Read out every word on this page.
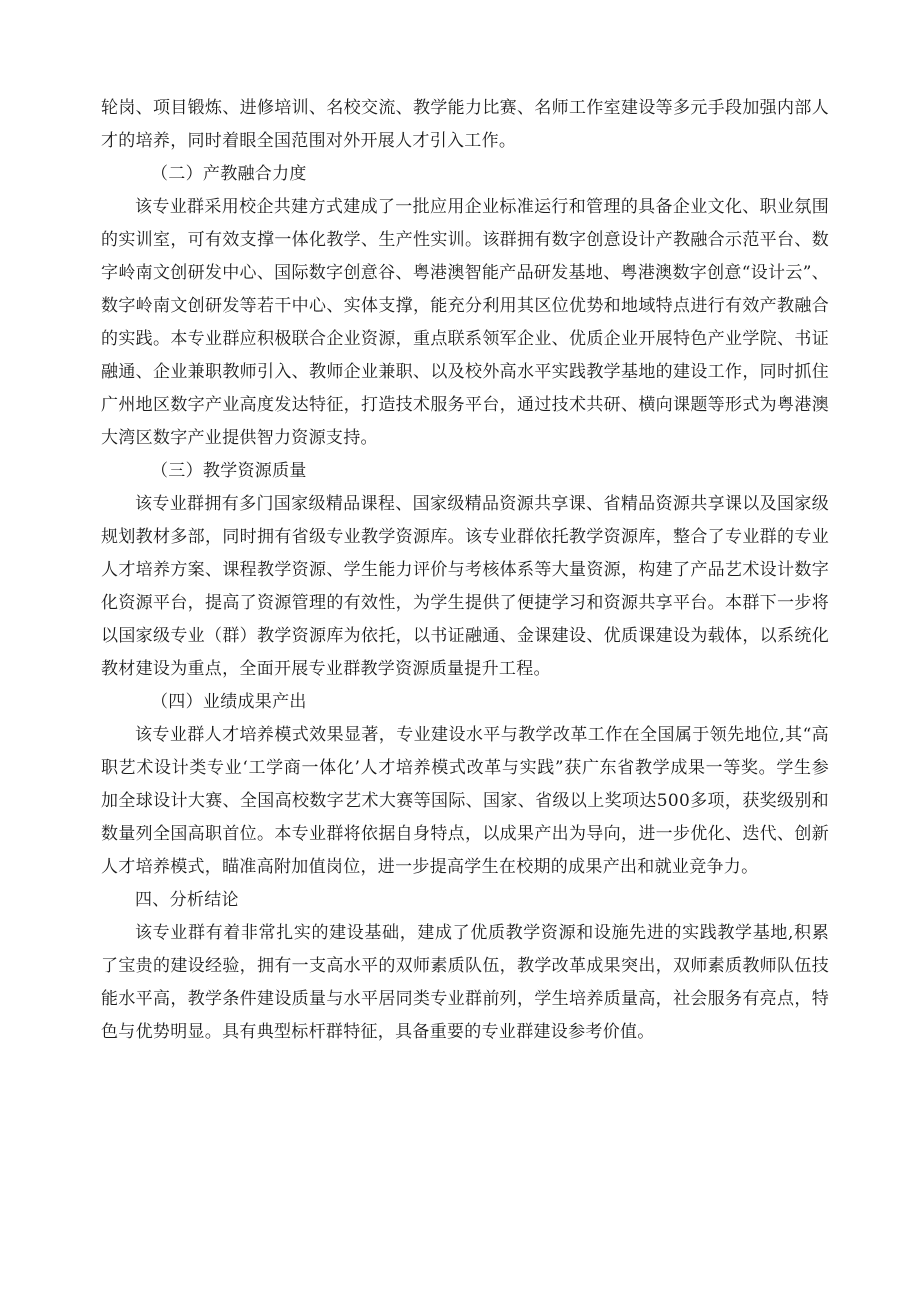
轮岗、项目锻炼、进修培训、名校交流、教学能力比赛、名师工作室建设等多元手段加强内部人才的培养，同时着眼全国范围对外开展人才引入工作。

（二）产教融合力度

该专业群采用校企共建方式建成了一批应用企业标准运行和管理的具备企业文化、职业氛围的实训室，可有效支撑一体化教学、生产性实训。该群拥有数字创意设计产教融合示范平台、数字岭南文创研发中心、国际数字创意谷、粤港澳智能产品研发基地、粤港澳数字创意“设计云”、数字岭南文创研发等若干中心、实体支撑，能充分利用其区位优势和地域特点进行有效产教融合的实践。本专业群应积极联合企业资源，重点联系领军企业、优质企业开展特色产业学院、书证融通、企业兼职教师引入、教师企业兼职、以及校外高水平实践教学基地的建设工作，同时抓住广州地区数字产业高度发达特征，打造技术服务平台，通过技术共研、横向课题等形式为粤港澳大湾区数字产业提供智力资源支持。

（三）教学资源质量

该专业群拥有多门国家级精品课程、国家级精品资源共享课、省精品资源共享课以及国家级规划教材多部，同时拥有省级专业教学资源库。该专业群依托教学资源库，整合了专业群的专业人才培养方案、课程教学资源、学生能力评价与考核体系等大量资源，构建了产品艺术设计数字化资源平台，提高了资源管理的有效性，为学生提供了便捷学习和资源共享平台。本群下一步将以国家级专业（群）教学资源库为依托，以书证融通、金课建设、优质课建设为载体，以系统化教材建设为重点，全面开展专业群教学资源质量提升工程。

（四）业绩成果产出

该专业群人才培养模式效果显著，专业建设水平与教学改革工作在全国属于领先地位,其“高职艺术设计类专业‘工学商一体化’人才培养模式改革与实践”获广东省教学成果一等奖。学生参加全球设计大赛、全国高校数字艺术大赛等国际、国家、省级以上奖项达500多项，获奖级别和数量列全国高职首位。本专业群将依据自身特点，以成果产出为导向，进一步优化、迭代、创新人才培养模式，瞄准高附加值岗位，进一步提高学生在校期的成果产出和就业竞争力。

四、分析结论

该专业群有着非常扎实的建设基础，建成了优质教学资源和设施先进的实践教学基地,积累了宝贵的建设经验，拥有一支高水平的双师素质队伍，教学改革成果突出，双师素质教师队伍技能水平高，教学条件建设质量与水平居同类专业群前列，学生培养质量高，社会服务有亮点，特色与优势明显。具有典型标杆群特征，具备重要的专业群建设参考价值。
